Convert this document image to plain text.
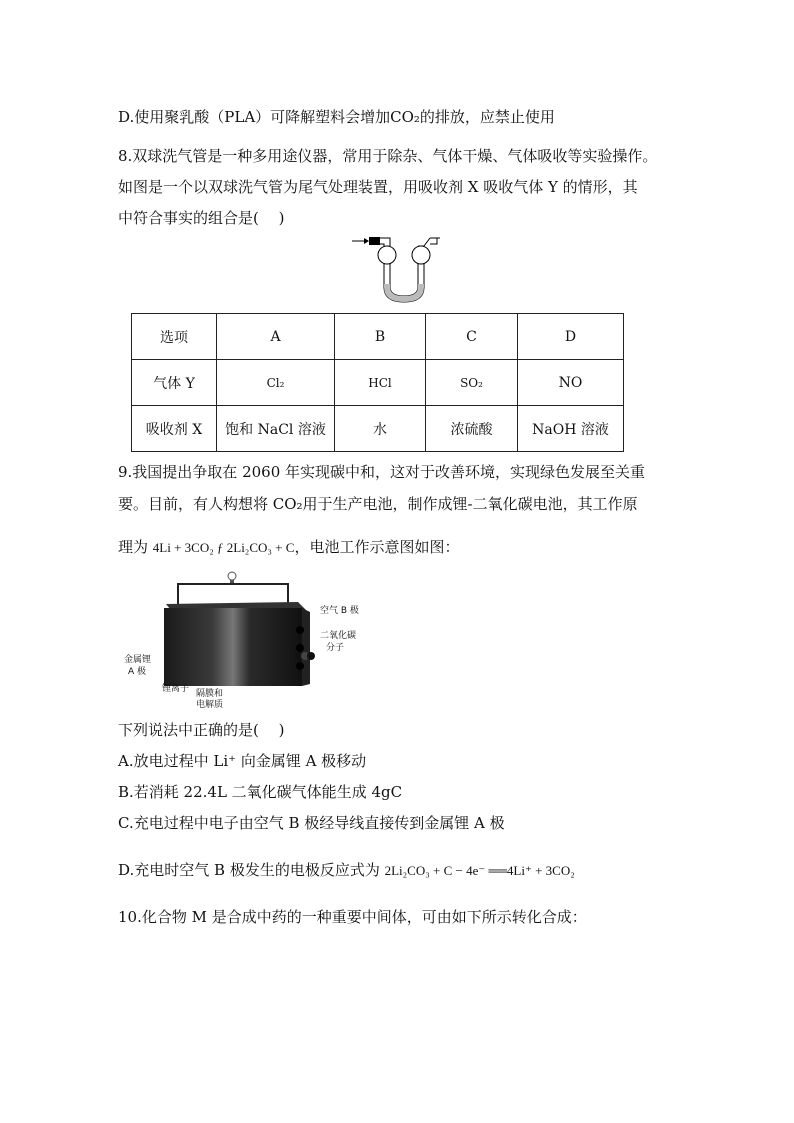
D.使用聚乳酸（PLA）可降解塑料会增加CO₂的排放，应禁止使用
8.双球洗气管是一种多用途仪器，常用于除杂、气体干燥、气体吸收等实验操作。
如图是一个以双球洗气管为尾气处理装置，用吸收剂 X 吸收气体 Y 的情形，其
中符合事实的组合是(　 )
选项	A	B	C	D
气体 Y	Cl₂	HCl	SO₂	NO
吸收剂 X	饱和 NaCl 溶液	水	浓硫酸	NaOH 溶液
9.我国提出争取在 2060 年实现碳中和，这对于改善环境，实现绿色发展至关重
要。目前，有人构想将 CO₂用于生产电池，制作成锂-二氧化碳电池，其工作原
理为 4Li + 3CO₂ ƒ 2Li₂CO₃ + C，电池工作示意图如图：
空气 B 极
二氧化碳
分子
金属锂
A 极
锂离子 隔膜和
电解质
下列说法中正确的是(　 )
A.放电过程中 Li⁺ 向金属锂 A 极移动
B.若消耗 22.4L 二氧化碳气体能生成 4gC
C.充电过程中电子由空气 B 极经导线直接传到金属锂 A 极
D.充电时空气 B 极发生的电极反应式为 2Li₂CO₃ + C − 4e⁻ ══4Li⁺ + 3CO₂
10.化合物 M 是合成中药的一种重要中间体，可由如下所示转化合成：
